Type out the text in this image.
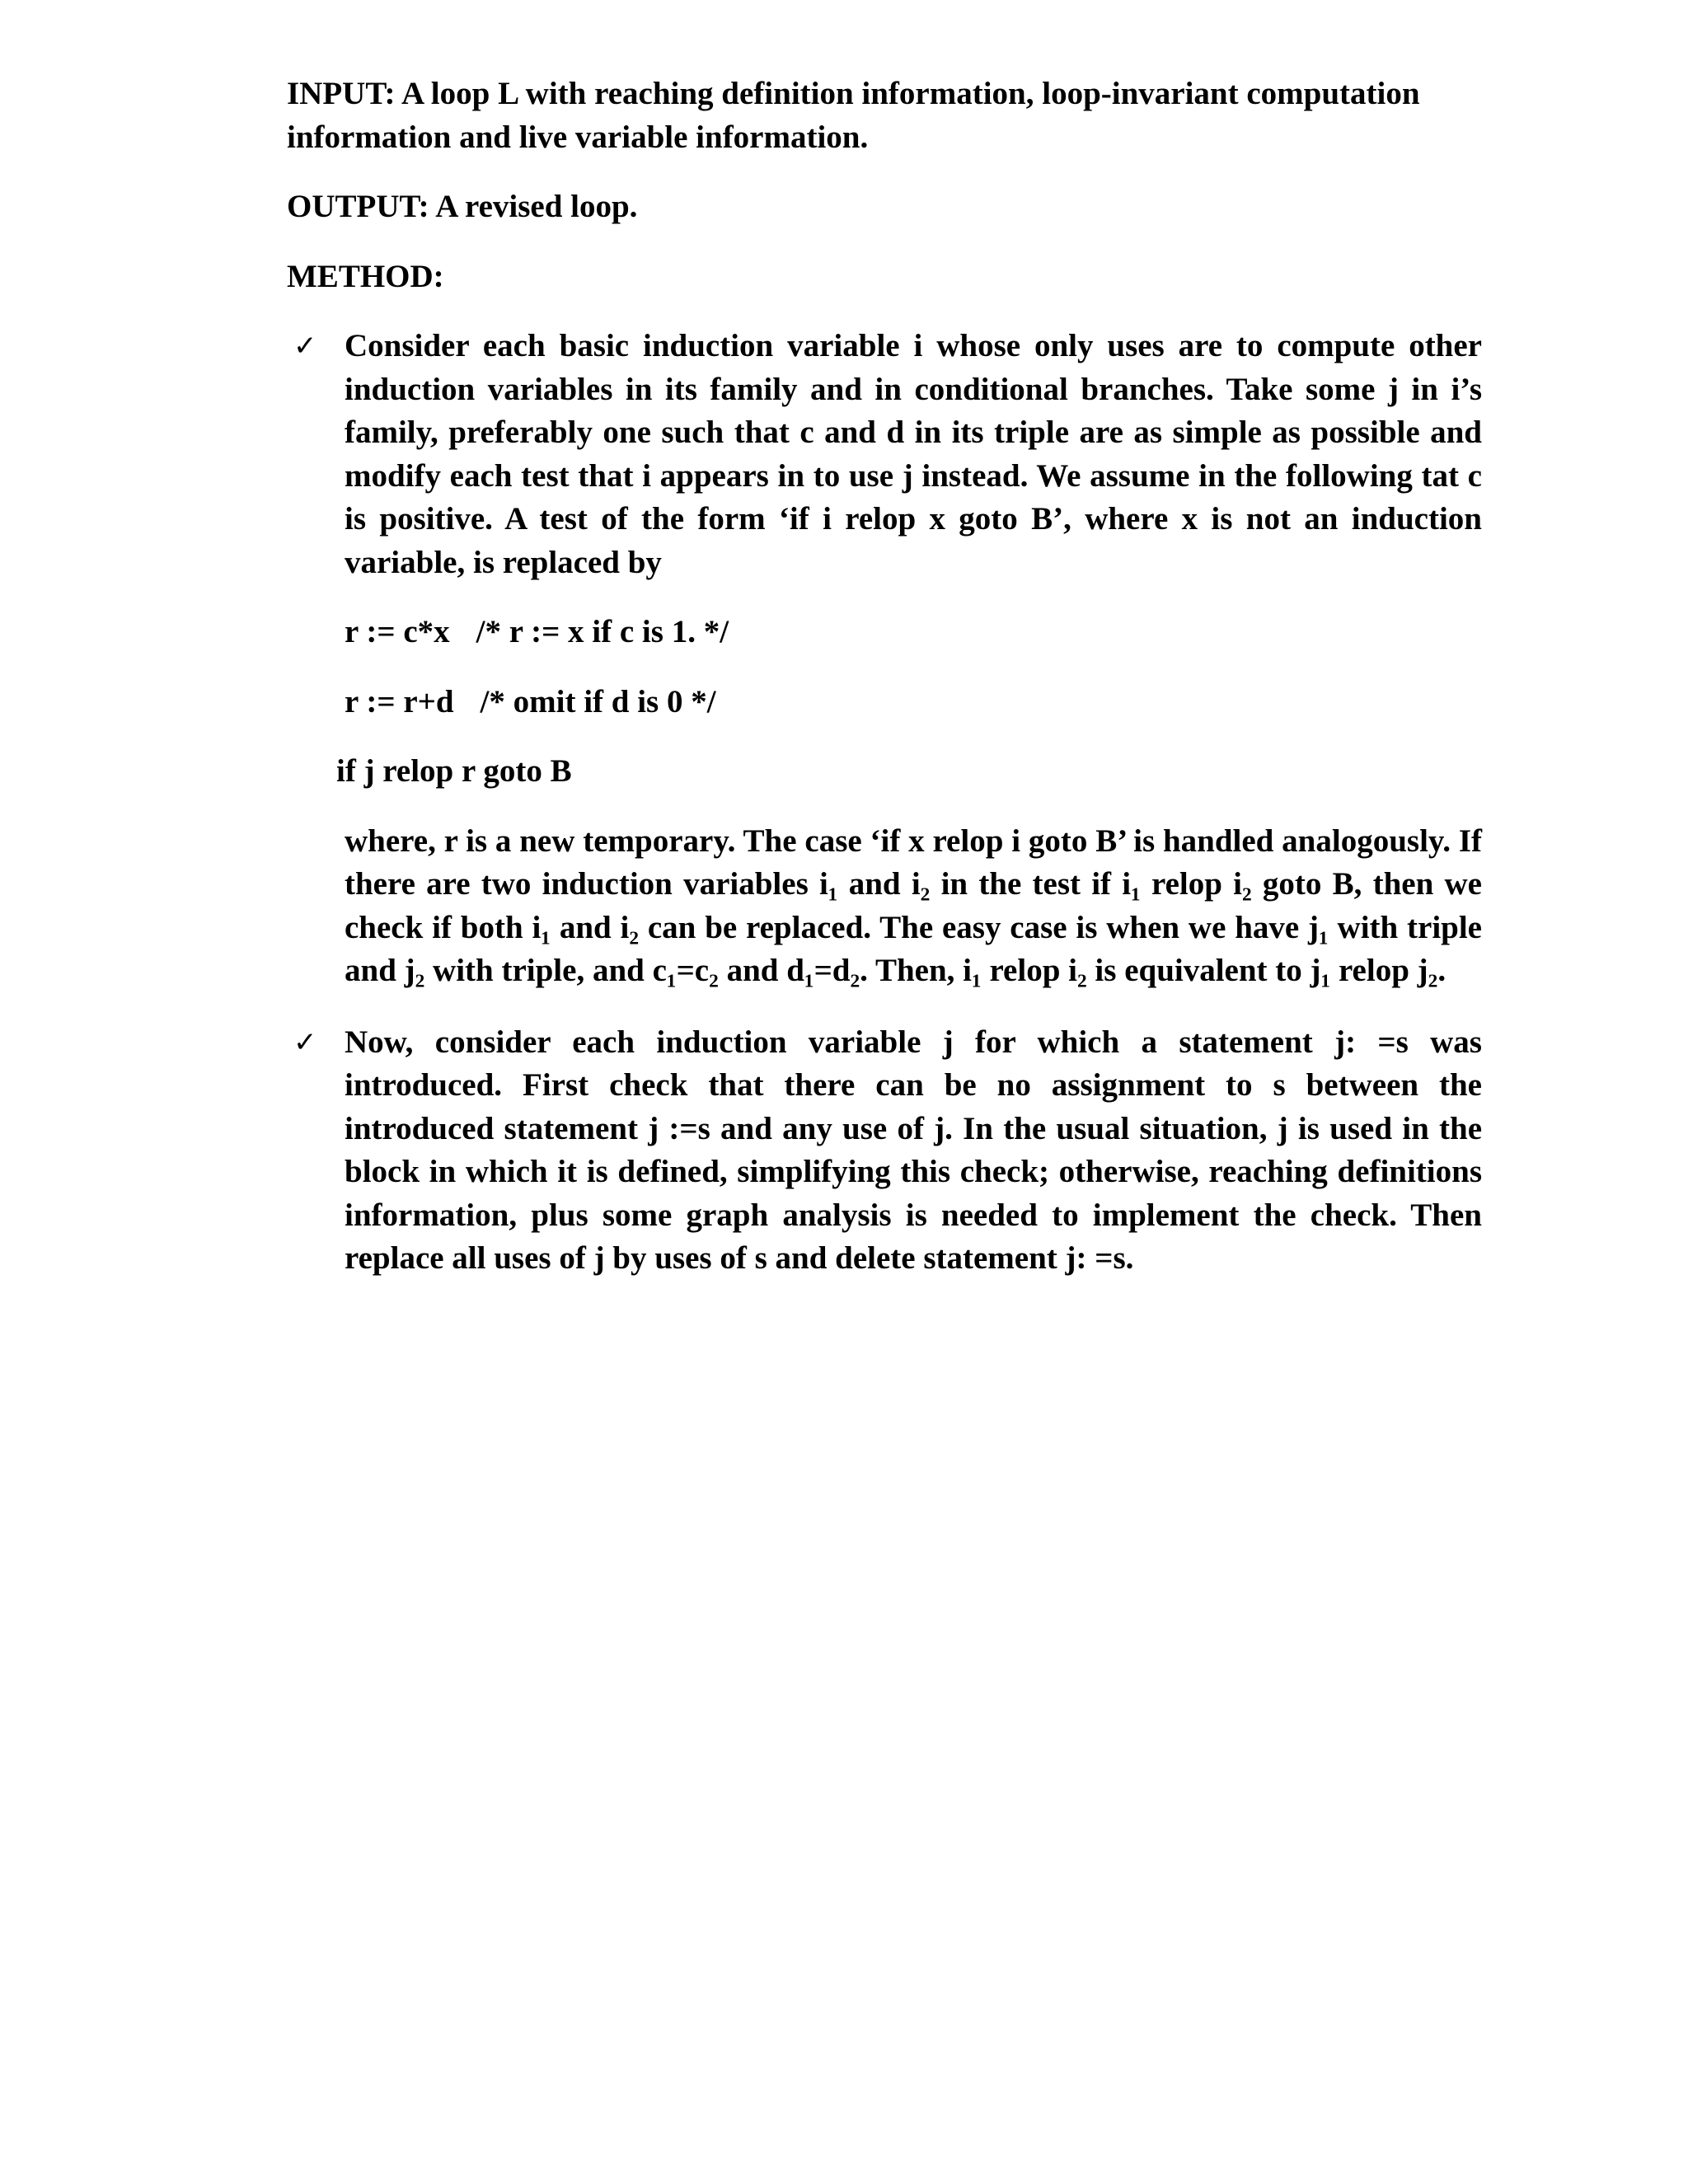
INPUT: A loop L with reaching definition information, loop-invariant computation information and live variable information.

OUTPUT: A revised loop.

METHOD:

✓ Consider each basic induction variable i whose only uses are to compute other induction variables in its family and in conditional branches. Take some j in i’s family, preferably one such that c and d in its triple are as simple as possible and modify each test that i appears in to use j instead. We assume in the following tat c is positive. A test of the form ‘if i relop x goto B’, where x is not an induction variable, is replaced by

r := c*x /* r := x if c is 1. */
r := r+d /* omit if d is 0 */
if j relop r goto B

where, r is a new temporary. The case ‘if x relop i goto B’ is handled analogously. If there are two induction variables i₁ and i₂ in the test if i₁ relop i₂ goto B, then we check if both i₁ and i₂ can be replaced. The easy case is when we have j₁ with triple and j₂ with triple, and c₁=c₂ and d₁=d₂. Then, i₁ relop i₂ is equivalent to j₁ relop j₂.

✓ Now, consider each induction variable j for which a statement j: =s was introduced. First check that there can be no assignment to s between the introduced statement j :=s and any use of j. In the usual situation, j is used in the block in which it is defined, simplifying this check; otherwise, reaching definitions information, plus some graph analysis is needed to implement the check. Then replace all uses of j by uses of s and delete statement j: =s.
